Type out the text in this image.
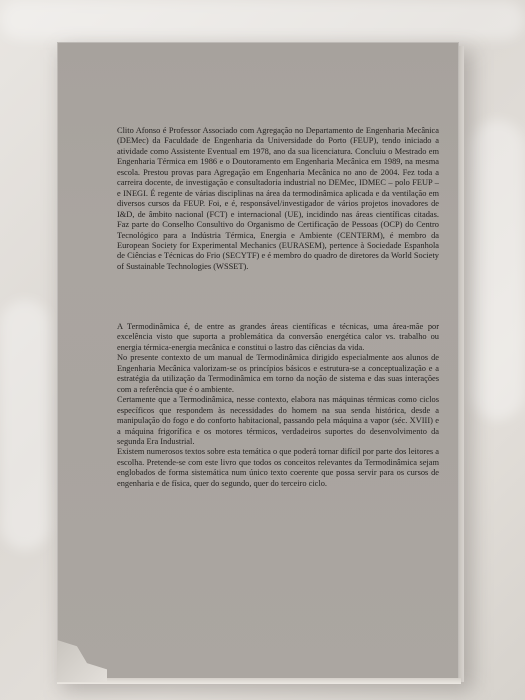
Clito Afonso é Professor Associado com Agregação no Departamento de Engenharia Mecânica (DEMec) da Faculdade de Engenharia da Universidade do Porto (FEUP), tendo iniciado a atividade como Assistente Eventual em 1978, ano da sua licenciatura. Concluiu o Mestrado em Engenharia Térmica em 1986 e o Doutoramento em Engenharia Mecânica em 1989, na mesma escola. Prestou provas para Agregação em Engenharia Mecânica no ano de 2004. Fez toda a carreira docente, de investigação e consultadoria industrial no DEMec, IDMEC – polo FEUP – e INEGI. É regente de várias disciplinas na área da termodinâmica aplicada e da ventilação em diversos cursos da FEUP. Foi, e é, responsável/investigador de vários projetos inovadores de I&D, de âmbito nacional (FCT) e internacional (UE), incidindo nas áreas científicas citadas. Faz parte do Conselho Consultivo do Organismo de Certificação de Pessoas (OCP) do Centro Tecnológico para a Indústria Térmica, Energia e Ambiente (CENTERM), é membro da European Society for Experimental Mechanics (EURASEM), pertence à Sociedade Espanhola de Ciências e Técnicas do Frio (SECYTF) e é membro do quadro de diretores da World Society of Sustainable Technologies (WSSET).

A Termodinâmica é, de entre as grandes áreas científicas e técnicas, uma área-mãe por excelência visto que suporta a problemática da conversão energética calor vs. trabalho ou energia térmica-energia mecânica e constitui o lastro das ciências da vida.

No presente contexto de um manual de Termodinâmica dirigido especialmente aos alunos de Engenharia Mecânica valorizam-se os princípios básicos e estrutura-se a conceptualização e a estratégia da utilização da Termodinâmica em torno da noção de sistema e das suas interações com a referência que é o ambiente.

Certamente que a Termodinâmica, nesse contexto, elabora nas máquinas térmicas como ciclos específicos que respondem às necessidades do homem na sua senda histórica, desde a manipulação do fogo e do conforto habitacional, passando pela máquina a vapor (séc. XVIII) e a máquina frigorífica e os motores térmicos, verdadeiros suportes do desenvolvimento da segunda Era Industrial.

Existem numerosos textos sobre esta temática o que poderá tornar difícil por parte dos leitores a escolha. Pretende-se com este livro que todos os conceitos relevantes da Termodinâmica sejam englobados de forma sistemática num único texto coerente que possa servir para os cursos de engenharia e de física, quer do segundo, quer do terceiro ciclo.
